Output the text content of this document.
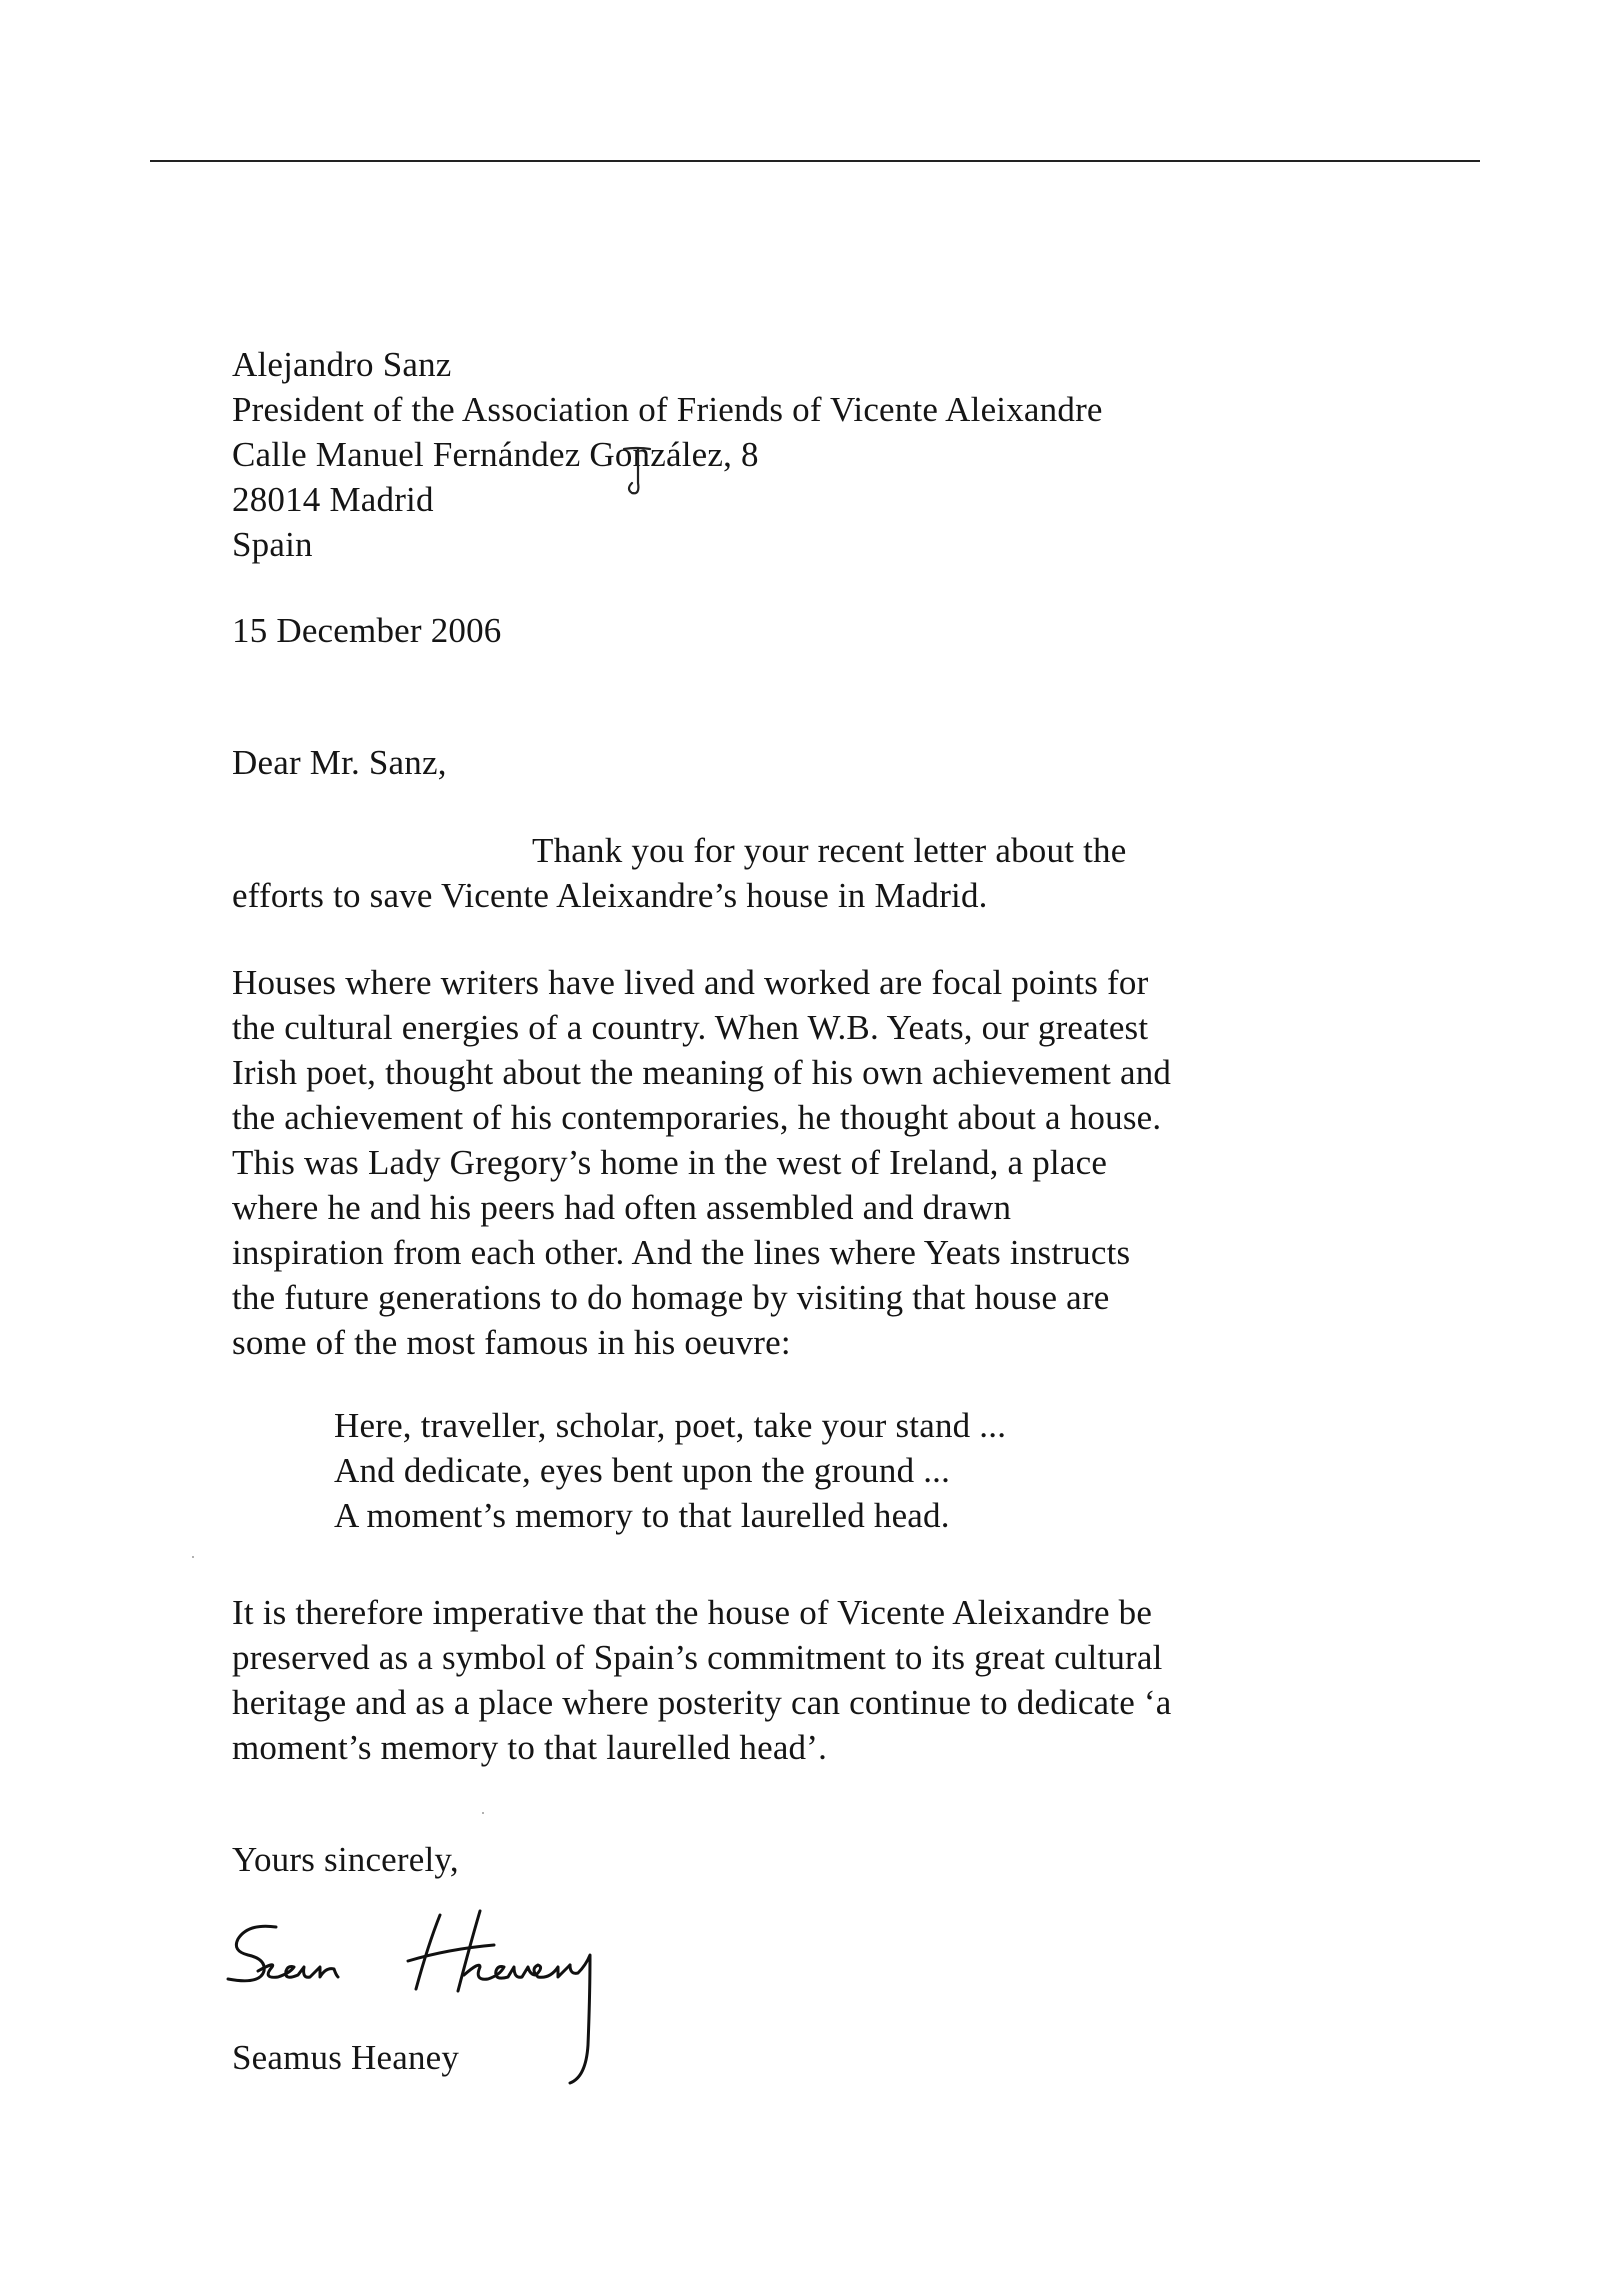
Alejandro Sanz
President of the Association of Friends of Vicente Aleixandre
Calle Manuel Fernández González, 8
28014 Madrid
Spain
15 December 2006
Dear Mr. Sanz,
Thank you for your recent letter about the
efforts to save Vicente Aleixandre’s house in Madrid.
Houses where writers have lived and worked are focal points for
the cultural energies of a country. When W.B. Yeats, our greatest
Irish poet, thought about the meaning of his own achievement and
the achievement of his contemporaries, he thought about a house.
This was Lady Gregory’s home in the west of Ireland, a place
where he and his peers had often assembled and drawn
inspiration from each other. And the lines where Yeats instructs
the future generations to do homage by visiting that house are
some of the most famous in his oeuvre:
Here, traveller, scholar, poet, take your stand ...
And dedicate, eyes bent upon the ground ...
A moment’s memory to that laurelled head.
It is therefore imperative that the house of Vicente Aleixandre be
preserved as a symbol of Spain’s commitment to its great cultural
heritage and as a place where posterity can continue to dedicate ‘a
moment’s memory to that laurelled head’.
Yours sincerely,
Seamus Heaney
